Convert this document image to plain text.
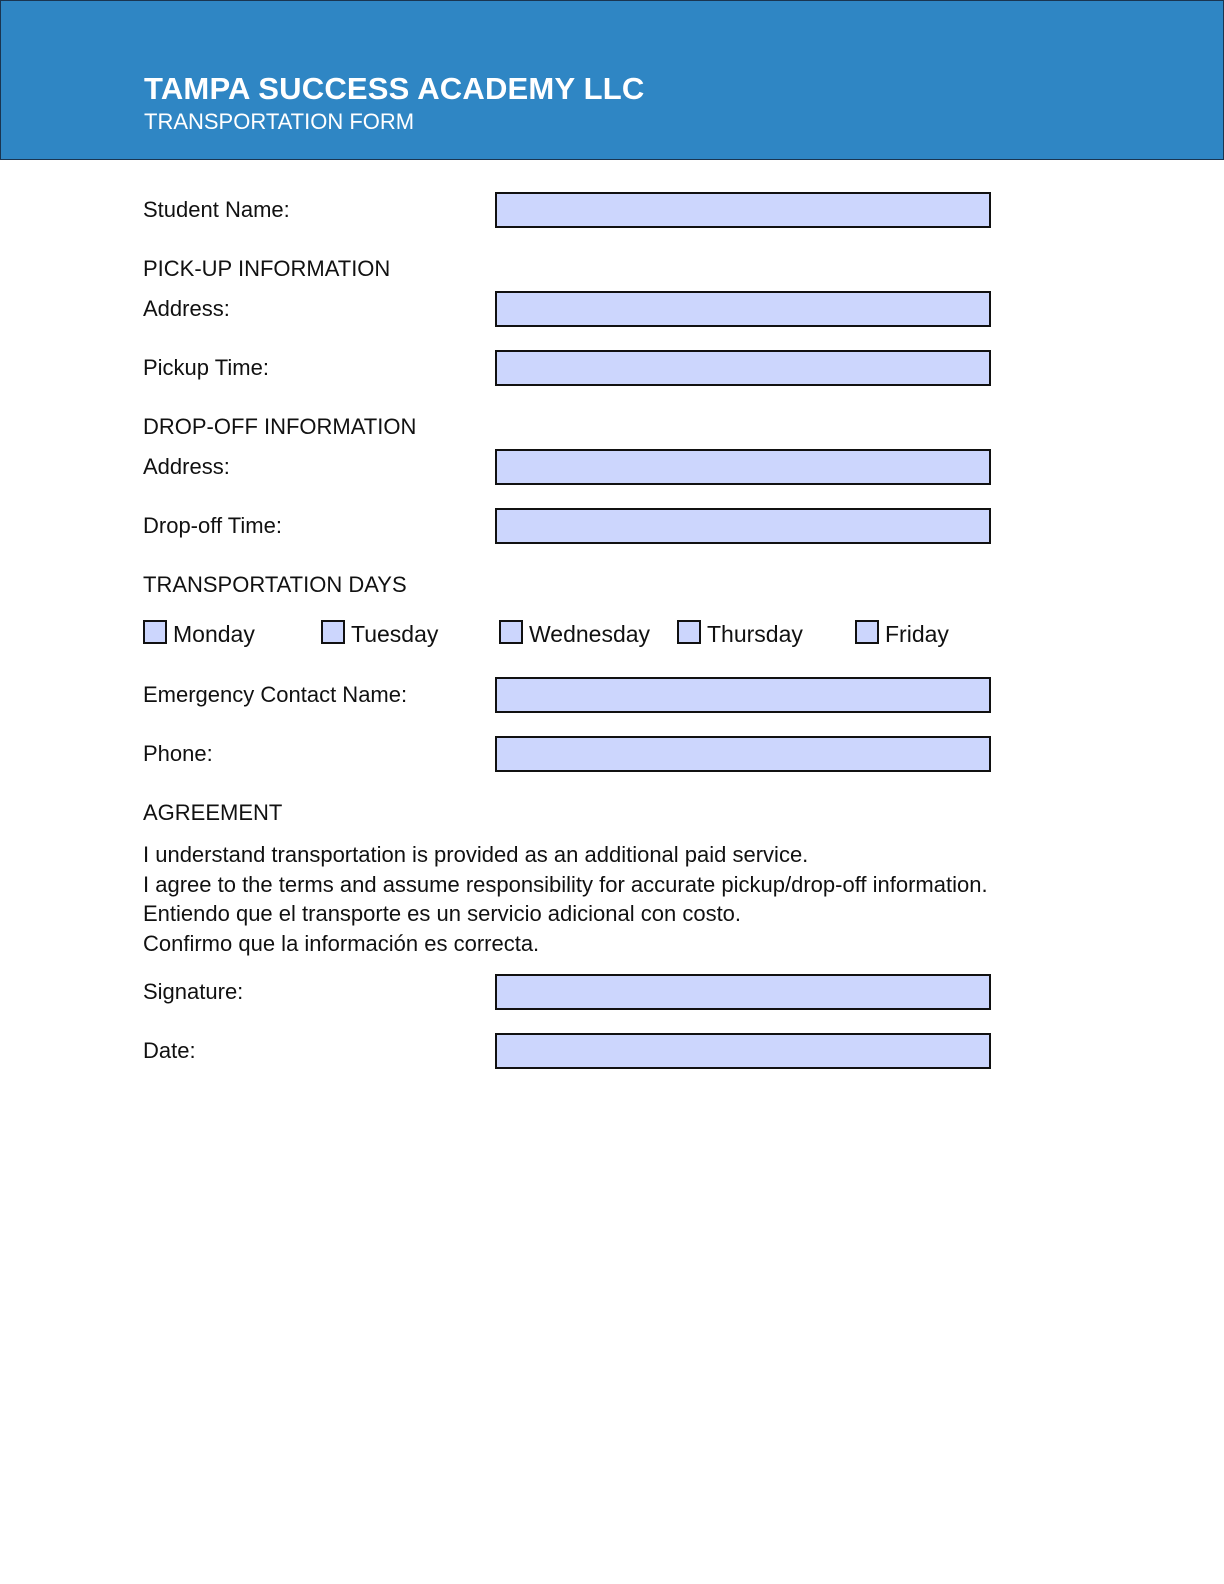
TAMPA SUCCESS ACADEMY LLC
TRANSPORTATION FORM
Student Name:
PICK-UP INFORMATION
Address:
Pickup Time:
DROP-OFF INFORMATION
Address:
Drop-off Time:
TRANSPORTATION DAYS
Monday	Tuesday	Wednesday Thursday	Friday
Emergency Contact Name:
Phone:
AGREEMENT
I understand transportation is provided as an additional paid service.
I agree to the terms and assume responsibility for accurate pickup/drop-off information.
Entiendo que el transporte es un servicio adicional con costo.
Confirmo que la información es correcta.
Signature:
Date:
